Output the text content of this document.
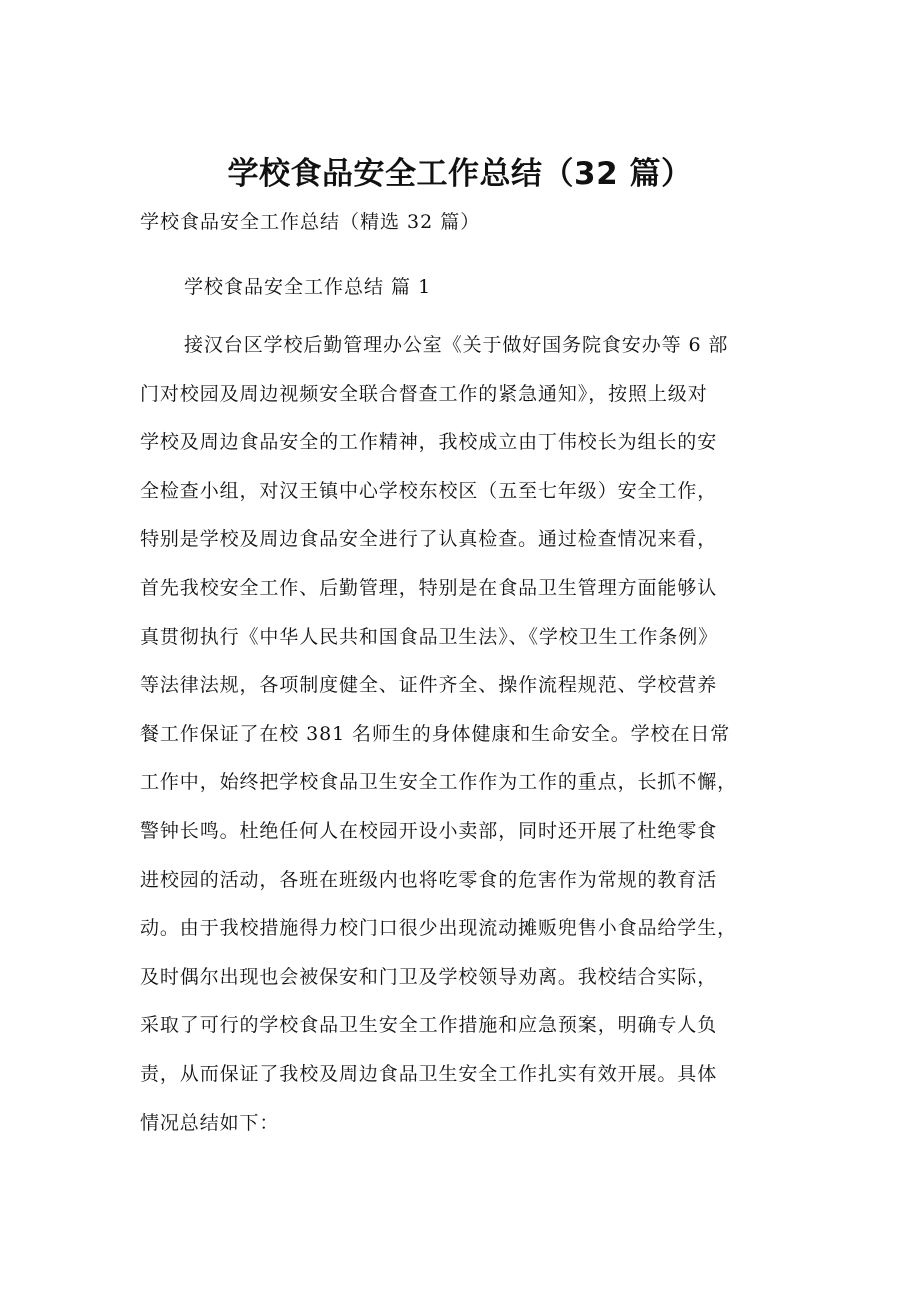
学校食品安全工作总结（32 篇）

学校食品安全工作总结（精选 32 篇）

学校食品安全工作总结 篇 1

接汉台区学校后勤管理办公室《关于做好国务院食安办等 6 部
门对校园及周边视频安全联合督查工作的紧急通知》，按照上级对
学校及周边食品安全的工作精神，我校成立由丁伟校长为组长的安
全检查小组，对汉王镇中心学校东校区（五至七年级）安全工作，
特别是学校及周边食品安全进行了认真检查。通过检查情况来看，
首先我校安全工作、后勤管理，特别是在食品卫生管理方面能够认
真贯彻执行《中华人民共和国食品卫生法》、《学校卫生工作条例》
等法律法规，各项制度健全、证件齐全、操作流程规范、学校营养
餐工作保证了在校 381 名师生的身体健康和生命安全。学校在日常
工作中，始终把学校食品卫生安全工作作为工作的重点，长抓不懈，
警钟长鸣。杜绝任何人在校园开设小卖部，同时还开展了杜绝零食
进校园的活动，各班在班级内也将吃零食的危害作为常规的教育活
动。由于我校措施得力校门口很少出现流动摊贩兜售小食品给学生，
及时偶尔出现也会被保安和门卫及学校领导劝离。我校结合实际，
采取了可行的学校食品卫生安全工作措施和应急预案，明确专人负
责，从而保证了我校及周边食品卫生安全工作扎实有效开展。具体
情况总结如下：
